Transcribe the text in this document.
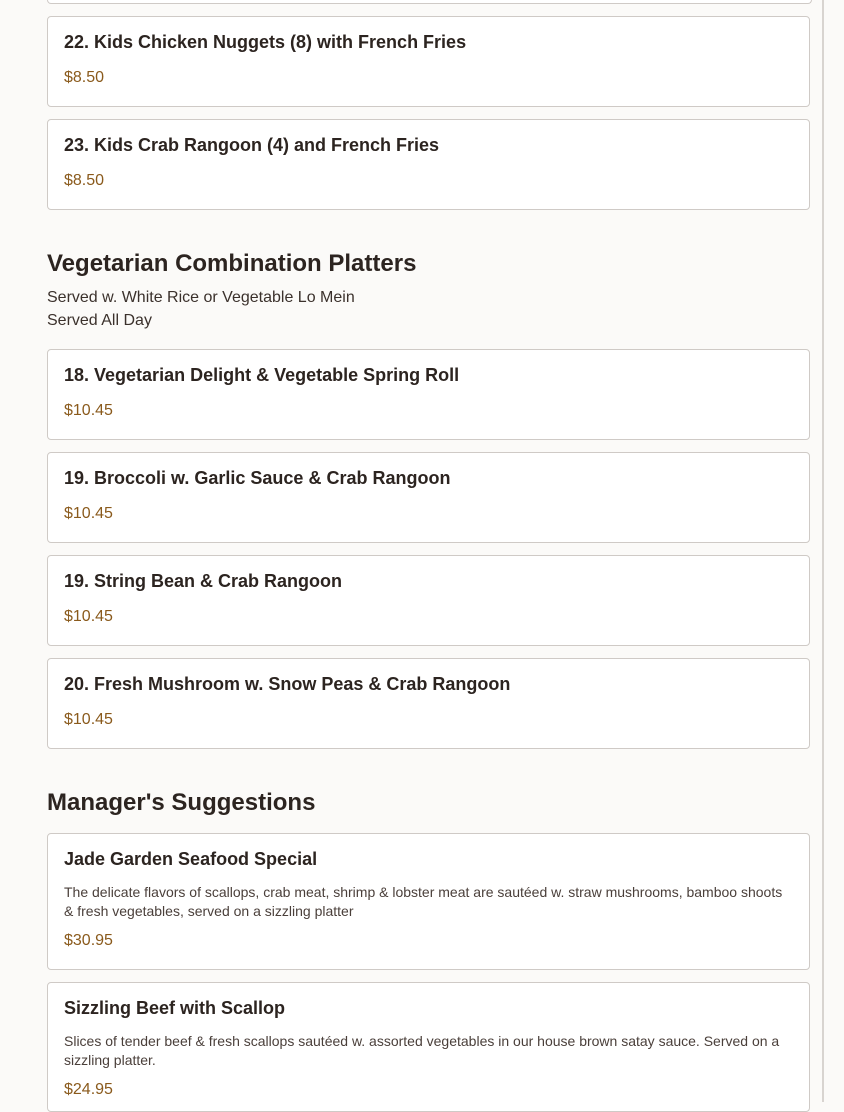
22. Kids Chicken Nuggets (8) with French Fries
$8.50
23. Kids Crab Rangoon (4) and French Fries
$8.50
Vegetarian Combination Platters
Served w. White Rice or Vegetable Lo Mein
Served All Day
18. Vegetarian Delight & Vegetable Spring Roll
$10.45
19. Broccoli w. Garlic Sauce & Crab Rangoon
$10.45
19. String Bean & Crab Rangoon
$10.45
20. Fresh Mushroom w. Snow Peas & Crab Rangoon
$10.45
Manager's Suggestions
Jade Garden Seafood Special
The delicate flavors of scallops, crab meat, shrimp & lobster meat are sautéed w. straw mushrooms, bamboo shoots & fresh vegetables, served on a sizzling platter
$30.95
Sizzling Beef with Scallop
Slices of tender beef & fresh scallops sautéed w. assorted vegetables in our house brown satay sauce. Served on a sizzling platter.
$24.95
